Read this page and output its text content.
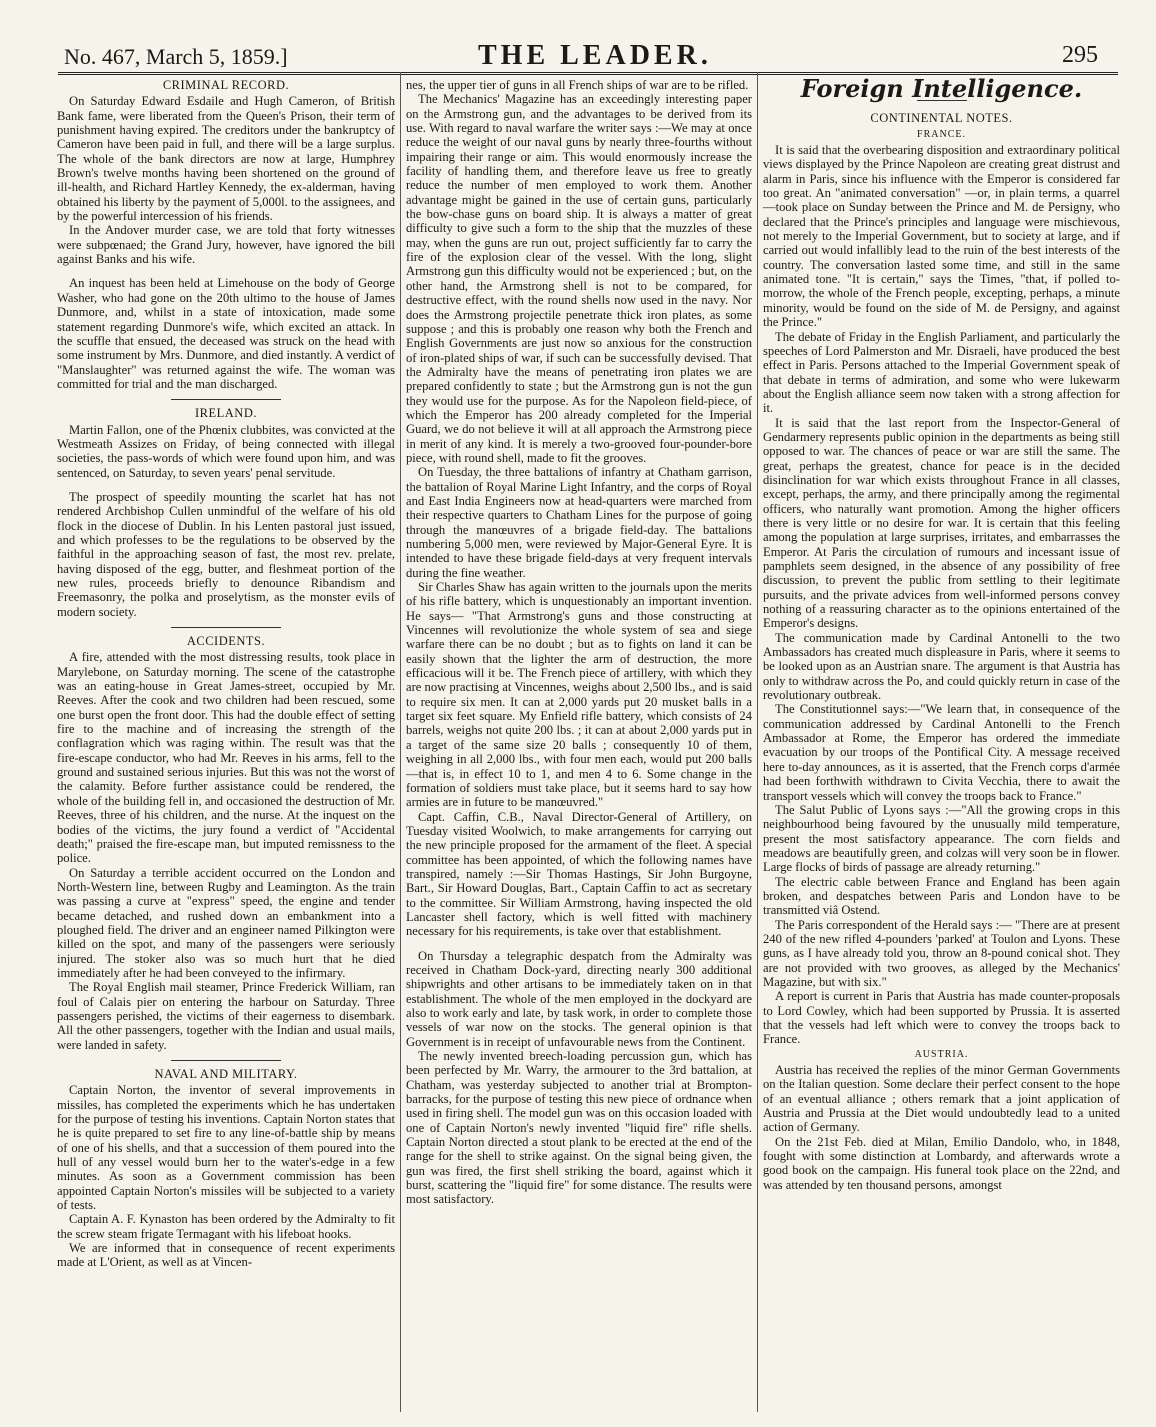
No. 467, March 5, 1859.]	THE LEADER.	295
CRIMINAL RECORD.

On Saturday Edward Esdaile and Hugh Cameron, of British Bank fame, were liberated from the Queen's Prison, their term of punishment having expired. The creditors under the bankruptcy of Cameron have been paid in full, and there will be a large surplus. The whole of the bank directors are now at large, Humphrey Brown's twelve months having been shortened on the ground of ill-health, and Richard Hartley Kennedy, the ex-alderman, having obtained his liberty by the payment of 5,000l. to the assignees, and by the powerful intercession of his friends.

In the Andover murder case, we are told that forty witnesses were subpœnaed; the Grand Jury, however, have ignored the bill against Banks and his wife.

An inquest has been held at Limehouse on the body of George Washer, who had gone on the 20th ultimo to the house of James Dunmore, and, whilst in a state of intoxication, made some statement regarding Dunmore's wife, which excited an attack. In the scuffle that ensued, the deceased was struck on the head with some instrument by Mrs. Dunmore, and died instantly. A verdict of "Manslaughter" was returned against the wife. The woman was committed for trial and the man discharged.

IRELAND.

Martin Fallon, one of the Phœnix clubbites, was convicted at the Westmeath Assizes on Friday, of being connected with illegal societies, the pass-words of which were found upon him, and was sentenced, on Saturday, to seven years' penal servitude.

The prospect of speedily mounting the scarlet hat has not rendered Archbishop Cullen unmindful of the welfare of his old flock in the diocese of Dublin. In his Lenten pastoral just issued, and which professes to be the regulations to be observed by the faithful in the approaching season of fast, the most rev. prelate, having disposed of the egg, butter, and fleshmeat portion of the new rules, proceeds briefly to denounce Ribandism and Freemasonry, the polka and proselytism, as the monster evils of modern society.

ACCIDENTS.

A fire, attended with the most distressing results, took place in Marylebone, on Saturday morning. The scene of the catastrophe was an eating-house in Great James-street, occupied by Mr. Reeves. After the cook and two children had been rescued, some one burst open the front door. This had the double effect of setting fire to the machine and of increasing the strength of the conflagration which was raging within. The result was that the fire-escape conductor, who had Mr. Reeves in his arms, fell to the ground and sustained serious injuries. But this was not the worst of the calamity. Before further assistance could be rendered, the whole of the building fell in, and occasioned the destruction of Mr. Reeves, three of his children, and the nurse. At the inquest on the bodies of the victims, the jury found a verdict of "Accidental death;" praised the fire-escape man, but imputed remissness to the police.

On Saturday a terrible accident occurred on the London and North-Western line, between Rugby and Leamington. As the train was passing a curve at "express" speed, the engine and tender became detached, and rushed down an embankment into a ploughed field. The driver and an engineer named Pilkington were killed on the spot, and many of the passengers were seriously injured. The stoker also was so much hurt that he died immediately after he had been conveyed to the infirmary.

The Royal English mail steamer, Prince Frederick William, ran foul of Calais pier on entering the harbour on Saturday. Three passengers perished, the victims of their eagerness to disembark. All the other passengers, together with the Indian and usual mails, were landed in safety.

NAVAL AND MILITARY.

Captain Norton, the inventor of several improvements in missiles, has completed the experiments which he has undertaken for the purpose of testing his inventions. Captain Norton states that he is quite prepared to set fire to any line-of-battle ship by means of one of his shells, and that a succession of them poured into the hull of any vessel would burn her to the water's-edge in a few minutes. As soon as a Government commission has been appointed Captain Norton's missiles will be subjected to a variety of tests.

Captain A. F. Kynaston has been ordered by the Admiralty to fit the screw steam frigate Termagant with his lifeboat hooks.

We are informed that in consequence of recent experiments made at L'Orient, as well as at Vincen-

nes, the upper tier of guns in all French ships of war are to be rifled.

The Mechanics' Magazine has an exceedingly interesting paper on the Armstrong gun, and the advantages to be derived from its use. With regard to naval warfare the writer says :—We may at once reduce the weight of our naval guns by nearly three-fourths without impairing their range or aim. This would enormously increase the facility of handling them, and therefore leave us free to greatly reduce the number of men employed to work them. Another advantage might be gained in the use of certain guns, particularly the bow-chase guns on board ship. It is always a matter of great difficulty to give such a form to the ship that the muzzles of these may, when the guns are run out, project sufficiently far to carry the fire of the explosion clear of the vessel. With the long, slight Armstrong gun this difficulty would not be experienced ; but, on the other hand, the Armstrong shell is not to be compared, for destructive effect, with the round shells now used in the navy. Nor does the Armstrong projectile penetrate thick iron plates, as some suppose ; and this is probably one reason why both the French and English Governments are just now so anxious for the construction of iron-plated ships of war, if such can be successfully devised. That the Admiralty have the means of penetrating iron plates we are prepared confidently to state ; but the Armstrong gun is not the gun they would use for the purpose. As for the Napoleon field-piece, of which the Emperor has 200 already completed for the Imperial Guard, we do not believe it will at all approach the Armstrong piece in merit of any kind. It is merely a two-grooved four-pounder-bore piece, with round shell, made to fit the grooves.

On Tuesday, the three battalions of infantry at Chatham garrison, the battalion of Royal Marine Light Infantry, and the corps of Royal and East India Engineers now at head-quarters were marched from their respective quarters to Chatham Lines for the purpose of going through the manœuvres of a brigade field-day. The battalions numbering 5,000 men, were reviewed by Major-General Eyre. It is intended to have these brigade field-days at very frequent intervals during the fine weather.

Sir Charles Shaw has again written to the journals upon the merits of his rifle battery, which is unquestionably an important invention. He says— "That Armstrong's guns and those constructing at Vincennes will revolutionize the whole system of sea and siege warfare there can be no doubt ; but as to fights on land it can be easily shown that the lighter the arm of destruction, the more efficacious will it be. The French piece of artillery, with which they are now practising at Vincennes, weighs about 2,500 lbs., and is said to require six men. It can at 2,000 yards put 20 musket balls in a target six feet square. My Enfield rifle battery, which consists of 24 barrels, weighs not quite 200 lbs. ; it can at about 2,000 yards put in a target of the same size 20 balls ; consequently 10 of them, weighing in all 2,000 lbs., with four men each, would put 200 balls—that is, in effect 10 to 1, and men 4 to 6. Some change in the formation of soldiers must take place, but it seems hard to say how armies are in future to be manœuvred."

Capt. Caffin, C.B., Naval Director-General of Artillery, on Tuesday visited Woolwich, to make arrangements for carrying out the new principle proposed for the armament of the fleet. A special committee has been appointed, of which the following names have transpired, namely :—Sir Thomas Hastings, Sir John Burgoyne, Bart., Sir Howard Douglas, Bart., Captain Caffin to act as secretary to the committee. Sir William Armstrong, having inspected the old Lancaster shell factory, which is well fitted with machinery necessary for his requirements, is take over that establishment.

On Thursday a telegraphic despatch from the Admiralty was received in Chatham Dock-yard, directing nearly 300 additional shipwrights and other artisans to be immediately taken on in that establishment. The whole of the men employed in the dockyard are also to work early and late, by task work, in order to complete those vessels of war now on the stocks. The general opinion is that Government is in receipt of unfavourable news from the Continent.

The newly invented breech-loading percussion gun, which has been perfected by Mr. Warry, the armourer to the 3rd battalion, at Chatham, was yesterday subjected to another trial at Brompton-barracks, for the purpose of testing this new piece of ordnance when used in firing shell. The model gun was on this occasion loaded with one of Captain Norton's newly invented "liquid fire" rifle shells. Captain Norton directed a stout plank to be erected at the end of the range for the shell to strike against. On the signal being given, the gun was fired, the first shell striking the board, against which it burst, scattering the "liquid fire" for some distance. The results were most satisfactory.

Foreign Intelligence.
CONTINENTAL NOTES.
FRANCE.

It is said that the overbearing disposition and extraordinary political views displayed by the Prince Napoleon are creating great distrust and alarm in Paris, since his influence with the Emperor is considered far too great. An "animated conversation" —or, in plain terms, a quarrel—took place on Sunday between the Prince and M. de Persigny, who declared that the Prince's principles and language were mischievous, not merely to the Imperial Government, but to society at large, and if carried out would infallibly lead to the ruin of the best interests of the country. The conversation lasted some time, and still in the same animated tone. "It is certain," says the Times, "that, if polled to-morrow, the whole of the French people, excepting, perhaps, a minute minority, would be found on the side of M. de Persigny, and against the Prince."

The debate of Friday in the English Parliament, and particularly the speeches of Lord Palmerston and Mr. Disraeli, have produced the best effect in Paris. Persons attached to the Imperial Government speak of that debate in terms of admiration, and some who were lukewarm about the English alliance seem now taken with a strong affection for it.

It is said that the last report from the Inspector-General of Gendarmery represents public opinion in the departments as being still opposed to war. The chances of peace or war are still the same. The great, perhaps the greatest, chance for peace is in the decided disinclination for war which exists throughout France in all classes, except, perhaps, the army, and there principally among the regimental officers, who naturally want promotion. Among the higher officers there is very little or no desire for war. It is certain that this feeling among the population at large surprises, irritates, and embarrasses the Emperor. At Paris the circulation of rumours and incessant issue of pamphlets seem designed, in the absence of any possibility of free discussion, to prevent the public from settling to their legitimate pursuits, and the private advices from well-informed persons convey nothing of a reassuring character as to the opinions entertained of the Emperor's designs.

The communication made by Cardinal Antonelli to the two Ambassadors has created much displeasure in Paris, where it seems to be looked upon as an Austrian snare. The argument is that Austria has only to withdraw across the Po, and could quickly return in case of the revolutionary outbreak.

The Constitutionnel says:—"We learn that, in consequence of the communication addressed by Cardinal Antonelli to the French Ambassador at Rome, the Emperor has ordered the immediate evacuation by our troops of the Pontifical City. A message received here to-day announces, as it is asserted, that the French corps d'armée had been forthwith withdrawn to Civita Vecchia, there to await the transport vessels which will convey the troops back to France."

The Salut Public of Lyons says :—"All the growing crops in this neighbourhood being favoured by the unusually mild temperature, present the most satisfactory appearance. The corn fields and meadows are beautifully green, and colzas will very soon be in flower. Large flocks of birds of passage are already returning."

The electric cable between France and England has been again broken, and despatches between Paris and London have to be transmitted viâ Ostend.

The Paris correspondent of the Herald says :— "There are at present 240 of the new rifled 4-pounders 'parked' at Toulon and Lyons. These guns, as I have already told you, throw an 8-pound conical shot. They are not provided with two grooves, as alleged by the Mechanics' Magazine, but with six."

A report is current in Paris that Austria has made counter-proposals to Lord Cowley, which had been supported by Prussia. It is asserted that the vessels had left which were to convey the troops back to France.

AUSTRIA.

Austria has received the replies of the minor German Governments on the Italian question. Some declare their perfect consent to the hope of an eventual alliance ; others remark that a joint application of Austria and Prussia at the Diet would undoubtedly lead to a united action of Germany.

On the 21st Feb. died at Milan, Emilio Dandolo, who, in 1848, fought with some distinction at Lombardy, and afterwards wrote a good book on the campaign. His funeral took place on the 22nd, and was attended by ten thousand persons, amongst
